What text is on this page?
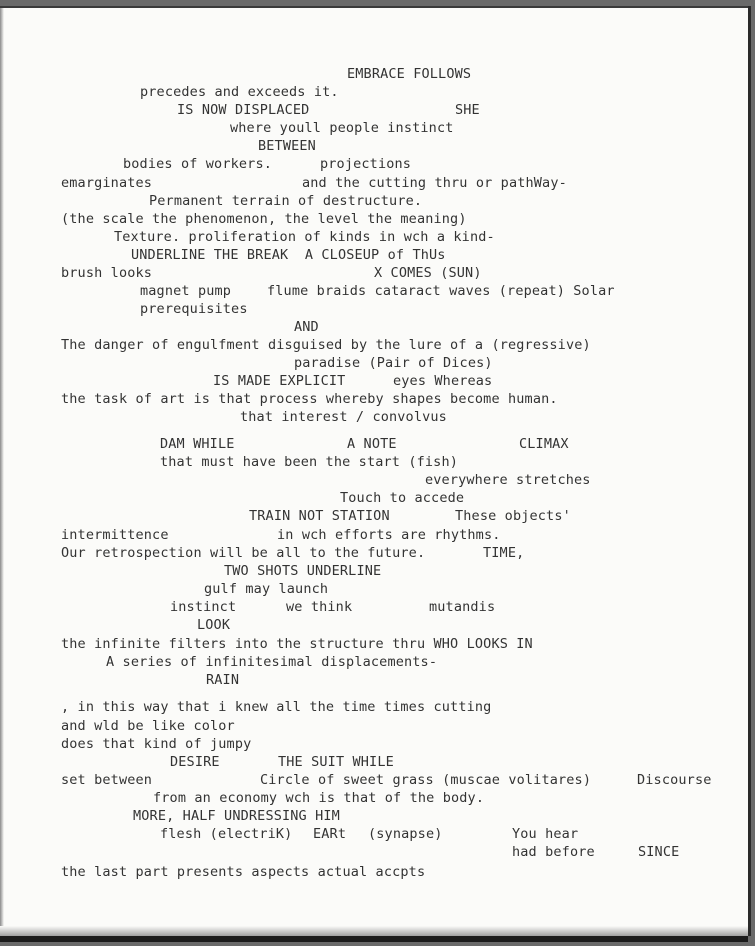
EMBRACE FOLLOWS

precedes and exceeds it.

IS NOW DISPLACED	SHE

where youll people instinct

BETWEEN

bodies of workers.	projections

emarginates	and the cutting thru or pathWay-

Permanent terrain of destructure.

(the scale the phenomenon, the level the meaning)

Texture. proliferation of kinds in wch a kind-

UNDERLINE THE BREAK  A CLOSEUP of ThUs

brush looks	X COMES (SUN)

magnet pump	flume braids cataract waves (repeat) Solar

prerequisites

AND

The danger of engulfment disguised by the lure of a (regressive)

paradise (Pair of Dices)

IS MADE EXPLICIT	eyes Whereas

the task of art is that process whereby shapes become human.

that interest / convolvus

DAM WHILE	A NOTE	CLIMAX

that must have been the start (fish)

everywhere stretches

Touch to accede

TRAIN NOT STATION	These objects'

intermittence	in wch efforts are rhythms.

Our retrospection will be all to the future.	TIME,

TWO SHOTS UNDERLINE

gulf may launch

instinct	we think	mutandis

LOOK

the infinite filters into the structure thru WHO LOOKS IN

A series of infinitesimal displacements-

RAIN

, in this way that i knew all the time times cutting

and wld be like color

does that kind of jumpy

DESIRE	THE SUIT WHILE

set between	Circle of sweet grass (muscae volitares)	Discourse

from an economy wch is that of the body.

MORE, HALF UNDRESSING HIM

flesh (electriK) EARt (synapse)	You hear

had before	SINCE

the last part presents aspects actual accpts
